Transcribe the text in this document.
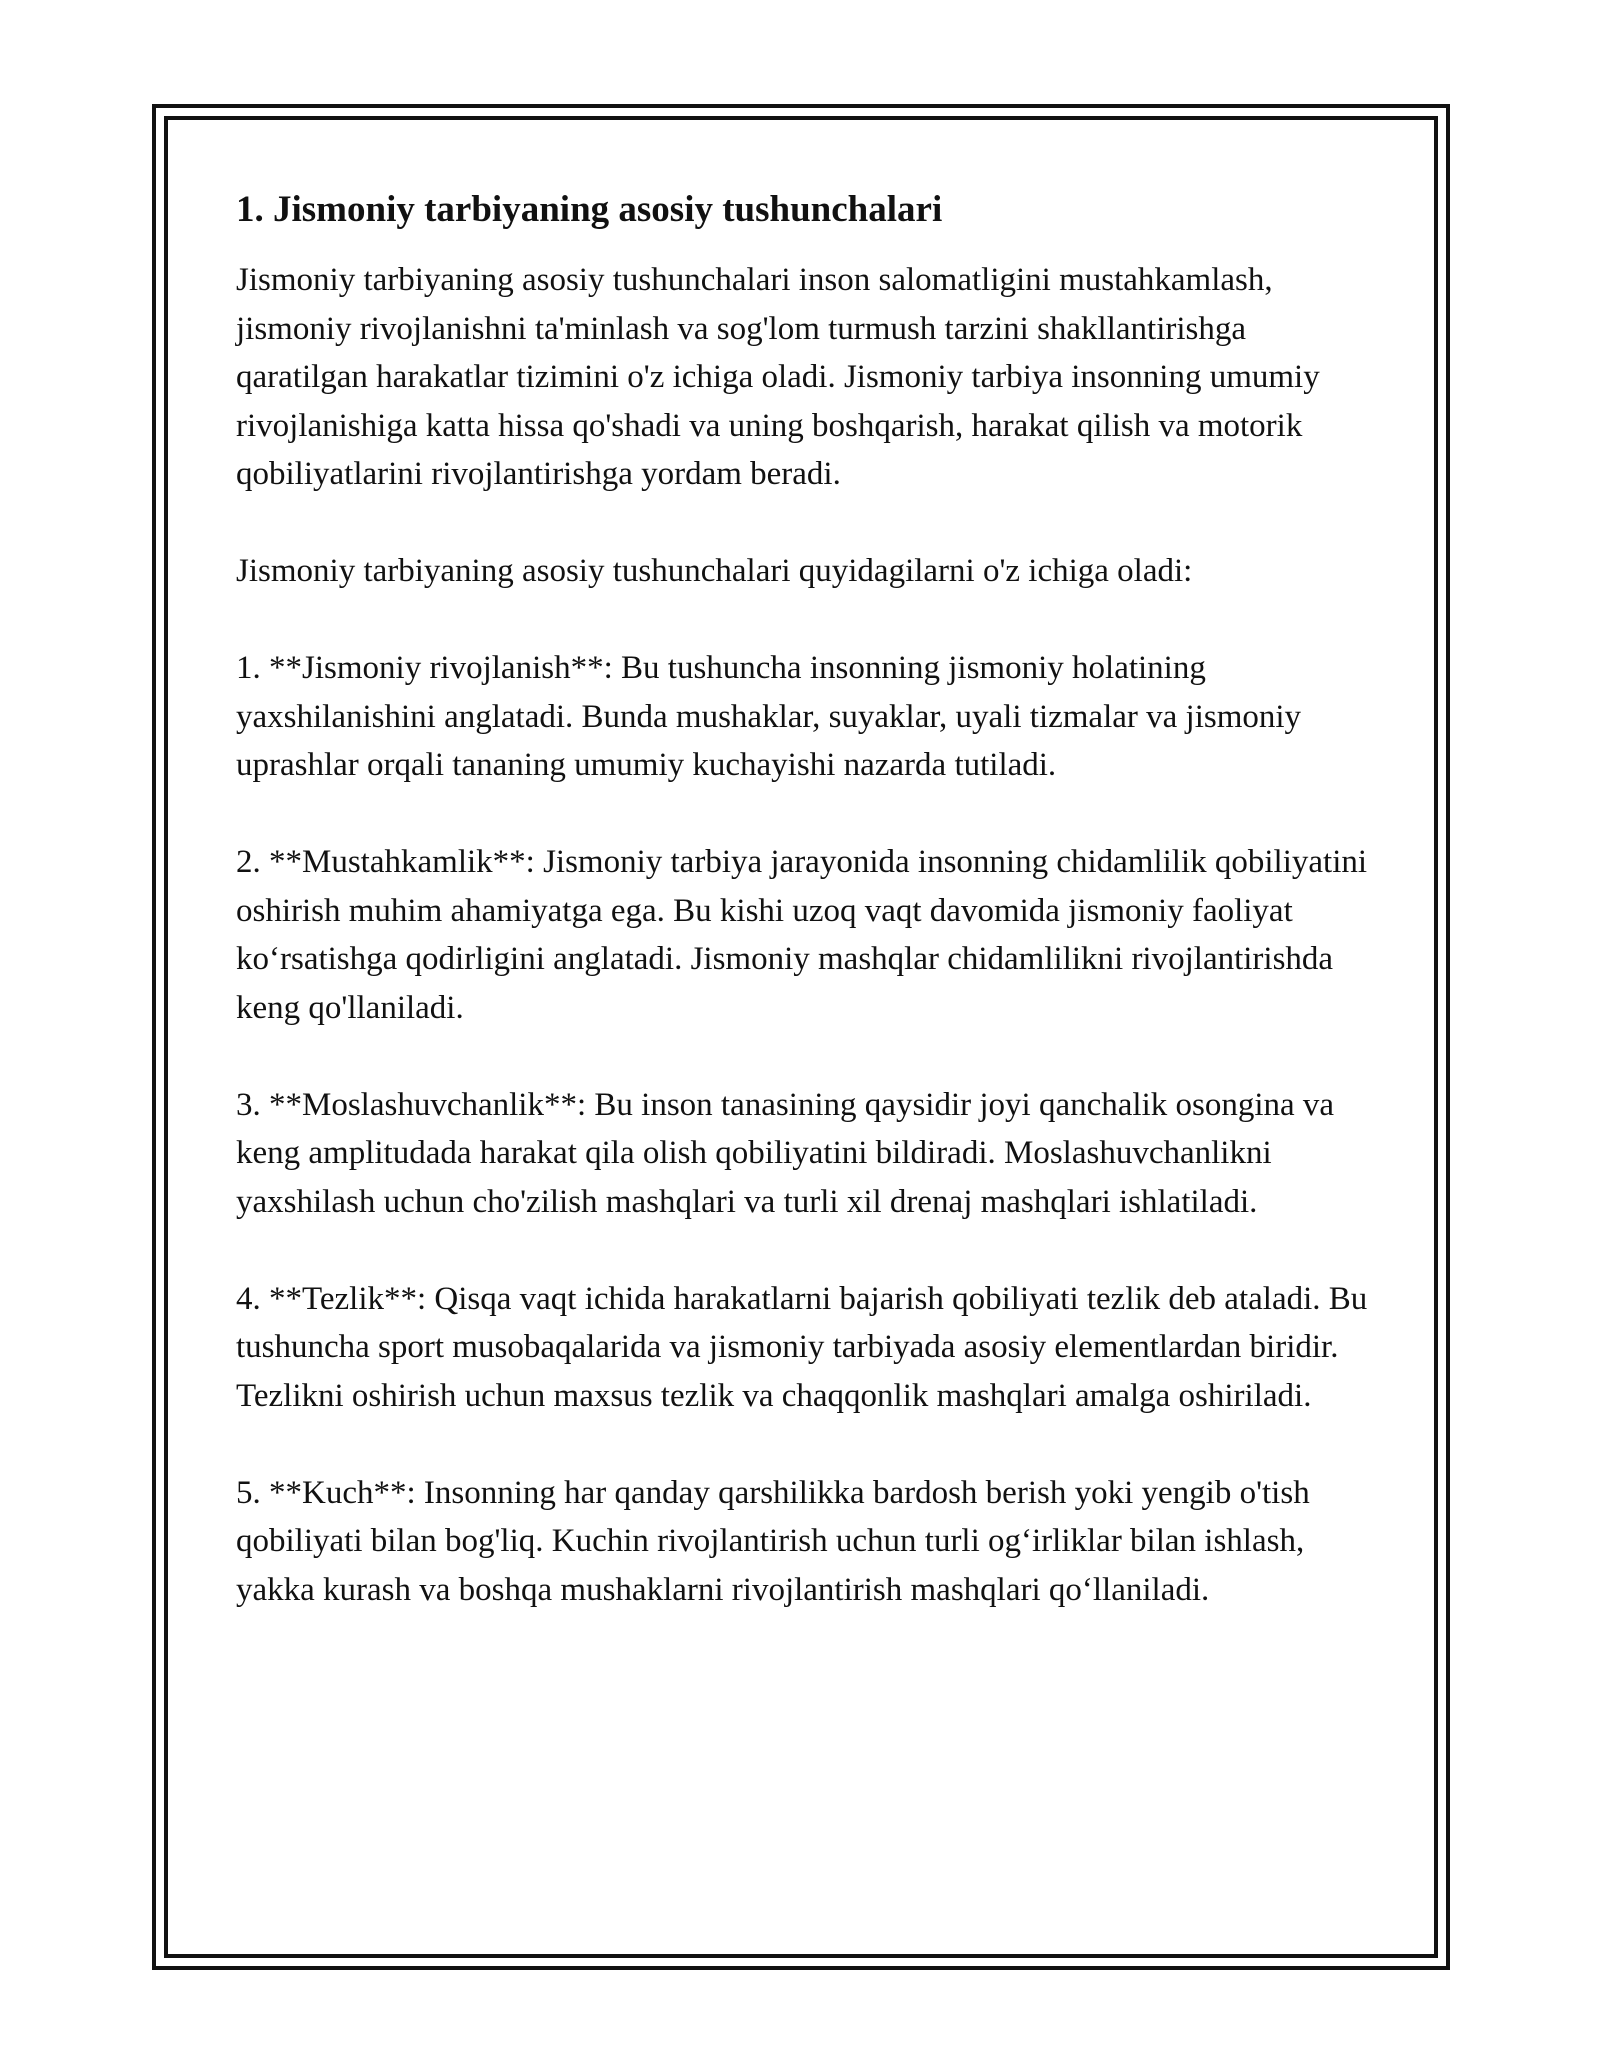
1. Jismoniy tarbiyaning asosiy tushunchalari

Jismoniy tarbiyaning asosiy tushunchalari inson salomatligini mustahkamlash, jismoniy rivojlanishni ta'minlash va sog'lom turmush tarzini shakllantirishga qaratilgan harakatlar tizimini o'z ichiga oladi. Jismoniy tarbiya insonning umumiy rivojlanishiga katta hissa qo'shadi va uning boshqarish, harakat qilish va motorik qobiliyatlarini rivojlantirishga yordam beradi.

Jismoniy tarbiyaning asosiy tushunchalari quyidagilarni o'z ichiga oladi:

1. **Jismoniy rivojlanish**: Bu tushuncha insonning jismoniy holatining yaxshilanishini anglatadi. Bunda mushaklar, suyaklar, uyali tizmalar va jismoniy uprashlar orqali tananing umumiy kuchayishi nazarda tutiladi.

2. **Mustahkamlik**: Jismoniy tarbiya jarayonida insonning chidamlilik qobiliyatini oshirish muhim ahamiyatga ega. Bu kishi uzoq vaqt davomida jismoniy faoliyat ko‘rsatishga qodirligini anglatadi. Jismoniy mashqlar chidamlilikni rivojlantirishda keng qo'llaniladi.

3. **Moslashuvchanlik**: Bu inson tanasining qaysidir joyi qanchalik osongina va keng amplitudada harakat qila olish qobiliyatini bildiradi. Moslashuvchanlikni yaxshilash uchun cho'zilish mashqlari va turli xil drenaj mashqlari ishlatiladi.

4. **Tezlik**: Qisqa vaqt ichida harakatlarni bajarish qobiliyati tezlik deb ataladi. Bu tushuncha sport musobaqalarida va jismoniy tarbiyada asosiy elementlardan biridir. Tezlikni oshirish uchun maxsus tezlik va chaqqonlik mashqlari amalga oshiriladi.

5. **Kuch**: Insonning har qanday qarshilikka bardosh berish yoki yengib o'tish qobiliyati bilan bog'liq. Kuchin rivojlantirish uchun turli og‘irliklar bilan ishlash, yakka kurash va boshqa mushaklarni rivojlantirish mashqlari qo‘llaniladi.
